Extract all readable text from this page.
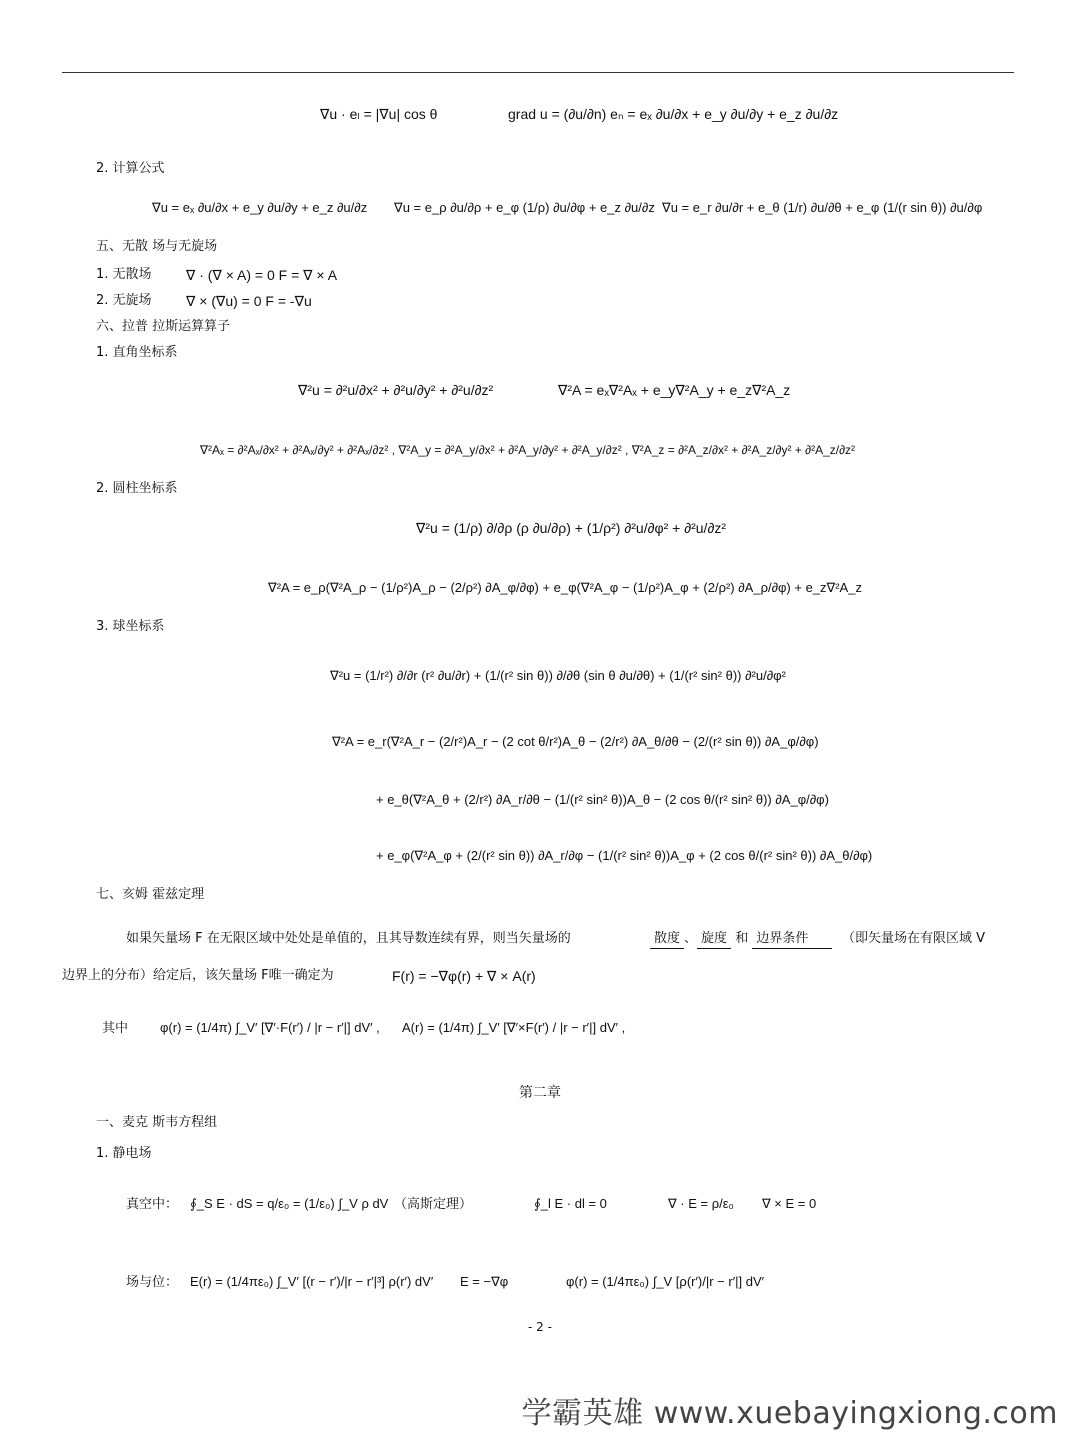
∇u · eₗ = |∇u| cos θ	grad u = (∂u/∂n) eₙ = eₓ ∂u/∂x + e_y ∂u/∂y + e_z ∂u/∂z
2. 计算公式
∇u = eₓ ∂u/∂x + e_y ∂u/∂y + e_z ∂u/∂z ∇u = e_ρ ∂u/∂ρ + e_φ (1/ρ) ∂u/∂φ + e_z ∂u/∂z ∇u = e_r ∂u/∂r + e_θ (1/r) ∂u/∂θ + e_φ (1/(r sin θ)) ∂u/∂φ
五、无散 场与无旋场
1. 无散场 ∇ · (∇ × A) = 0 F = ∇ × A
2. 无旋场 ∇ × (∇u) = 0 F = -∇u
六、拉普 拉斯运算算子
1. 直角坐标系
∇²u = ∂²u/∂x² + ∂²u/∂y² + ∂²u/∂z²	∇²A = eₓ∇²Aₓ + e_y∇²A_y + e_z∇²A_z
∇²Aₓ = ∂²Aₓ/∂x² + ∂²Aₓ/∂y² + ∂²Aₓ/∂z² , ∇²A_y = ∂²A_y/∂x² + ∂²A_y/∂y² + ∂²A_y/∂z² , ∇²A_z = ∂²A_z/∂x² + ∂²A_z/∂y² + ∂²A_z/∂z²
2. 圆柱坐标系
∇²u = (1/ρ) ∂/∂ρ (ρ ∂u/∂ρ) + (1/ρ²) ∂²u/∂φ² + ∂²u/∂z²
∇²A = e_ρ(∇²A_ρ − (1/ρ²)A_ρ − (2/ρ²) ∂A_φ/∂φ) + e_φ(∇²A_φ − (1/ρ²)A_φ + (2/ρ²) ∂A_ρ/∂φ) + e_z∇²A_z
3. 球坐标系
∇²u = (1/r²) ∂/∂r (r² ∂u/∂r) + (1/(r² sin θ)) ∂/∂θ (sin θ ∂u/∂θ) + (1/(r² sin² θ)) ∂²u/∂φ²
∇²A = e_r(∇²A_r − (2/r²)A_r − (2 cot θ/r²)A_θ − (2/r²) ∂A_θ/∂θ − (2/(r² sin θ)) ∂A_φ/∂φ)
+ e_θ(∇²A_θ + (2/r²) ∂A_r/∂θ − (1/(r² sin² θ))A_θ − (2 cos θ/(r² sin² θ)) ∂A_φ/∂φ)
+ e_φ(∇²A_φ + (2/(r² sin θ)) ∂A_r/∂φ − (1/(r² sin² θ))A_φ + (2 cos θ/(r² sin² θ)) ∂A_θ/∂φ)
七、亥姆 霍兹定理
如果矢量场 F 在无限区域中处处是单值的，且其导数连续有界，则当矢量场的	散度 、 旋度 和 边界条件	（即矢量场在有限区域 V
边界上的分布）给定后，该矢量场 F唯一确定为	F(r) = −∇φ(r) + ∇ × A(r)
其中 φ(r) = (1/4π) ∫_V′ [∇′·F(r′) / |r − r′|] dV′ , A(r) = (1/4π) ∫_V′ [∇′×F(r′) / |r − r′|] dV′ ,
第二章
一、麦克 斯韦方程组
1. 静电场
真空中： ∮_S E · dS = q/ε₀ = (1/ε₀) ∫_V ρ dV （高斯定理）	∮_l E · dl = 0	∇ · E = ρ/ε₀ ∇ × E = 0
场与位： E(r) = (1/4πε₀) ∫_V′ [(r − r′)/|r − r′|³] ρ(r′) dV′ E = −∇φ	φ(r) = (1/4πε₀) ∫_V [ρ(r′)/|r − r′|] dV′
- 2 -
学霸英雄 www.xuebayingxiong.com
